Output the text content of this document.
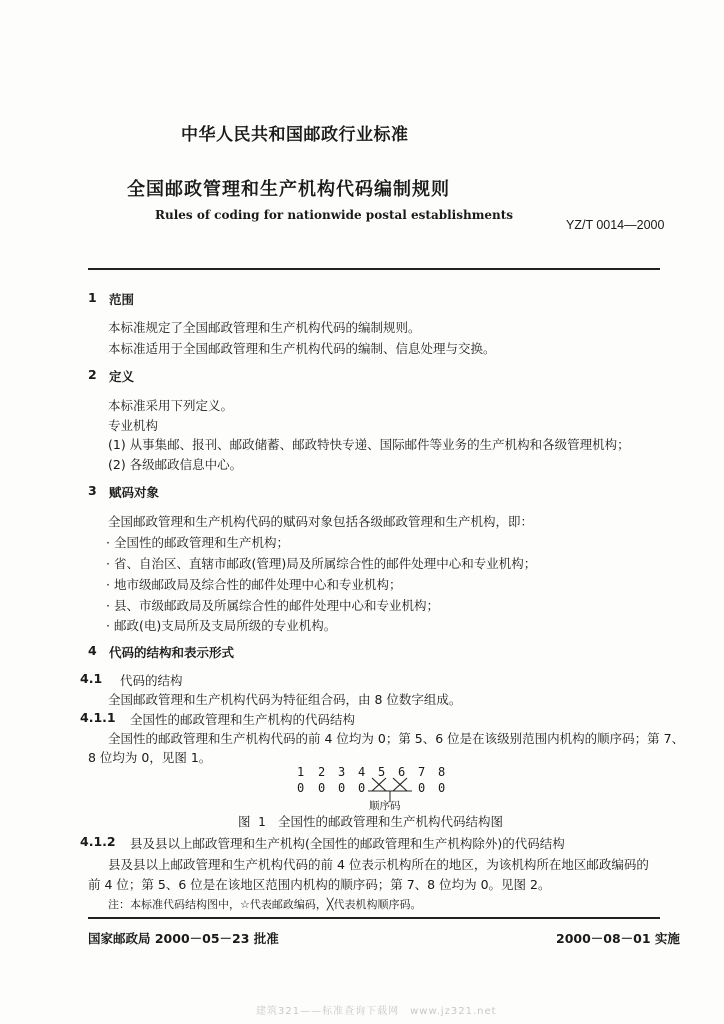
中华人民共和国邮政行业标准
全国邮政管理和生产机构代码编制规则
Rules of coding for nationwide postal establishments
YZ/T 0014—2000
1 范围
本标准规定了全国邮政管理和生产机构代码的编制规则。
本标准适用于全国邮政管理和生产机构代码的编制、信息处理与交换。
2 定义
本标准采用下列定义。
专业机构
(1) 从事集邮、报刊、邮政储蓄、邮政特快专递、国际邮件等业务的生产机构和各级管理机构；
(2) 各级邮政信息中心。
3 赋码对象
全国邮政管理和生产机构代码的赋码对象包括各级邮政管理和生产机构，即：
· 全国性的邮政管理和生产机构；
· 省、自治区、直辖市邮政(管理)局及所属综合性的邮件处理中心和专业机构；
· 地市级邮政局及综合性的邮件处理中心和专业机构；
· 县、市级邮政局及所属综合性的邮件处理中心和专业机构；
· 邮政(电)支局所及支局所级的专业机构。
4 代码的结构和表示形式
4.1 代码的结构
全国邮政管理和生产机构代码为特征组合码，由 8 位数字组成。
4.1.1 全国性的邮政管理和生产机构的代码结构
全国性的邮政管理和生产机构代码的前 4 位均为 0；第 5、6 位是在该级别范围内机构的顺序码；第 7、
8 位均为 0，见图 1。
1 2 3 4 5 6 7 8
0 0 0 0	0 0
顺序码
图 1　全国性的邮政管理和生产机构代码结构图
4.1.2 县及县以上邮政管理和生产机构(全国性的邮政管理和生产机构除外)的代码结构
县及县以上邮政管理和生产机构代码的前 4 位表示机构所在的地区，为该机构所在地区邮政编码的
前 4 位；第 5、6 位是在该地区范围内机构的顺序码；第 7、8 位均为 0。见图 2。
注：本标准代码结构图中，☆代表邮政编码，╳代表机构顺序码。
国家邮政局 2000－05－23 批准	2000－08－01 实施
建筑321——标准查询下载网　www.jz321.net
